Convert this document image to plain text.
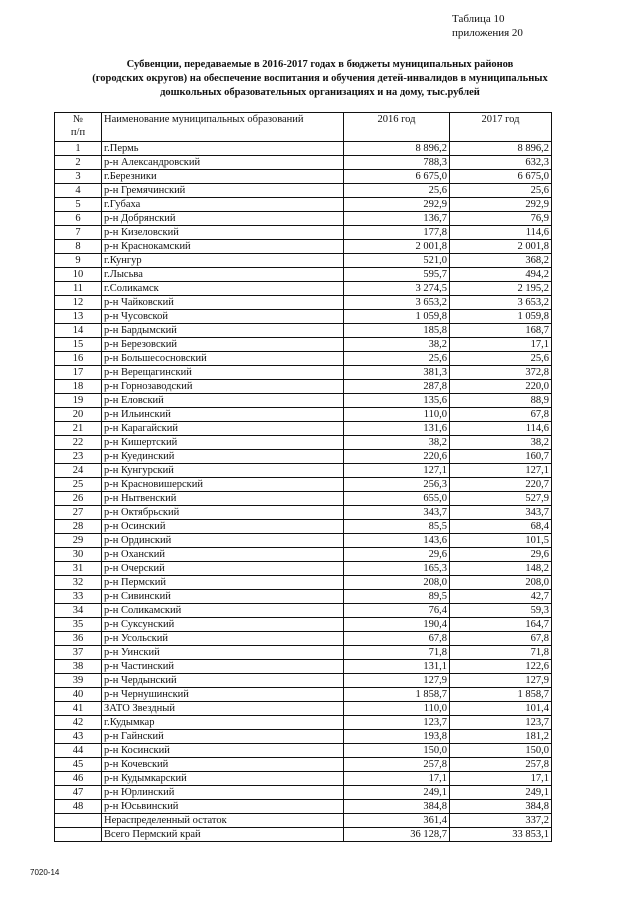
Таблица 10
приложения 20
Субвенции, передаваемые в 2016-2017 годах в бюджеты муниципальных районов
(городских округов) на обеспечение воспитания и обучения детей-инвалидов в муниципальных
дошкольных образовательных организациях и на дому, тыс.рублей
№
п/п	Наименование муниципальных образований	2016 год	2017 год
1	г.Пермь	8 896,2	8 896,2
2	р-н Александровский	788,3	632,3
3	г.Березники	6 675,0	6 675,0
4	р-н Гремячинский	25,6	25,6
5	г.Губаха	292,9	292,9
6	р-н Добрянский	136,7	76,9
7	р-н Кизеловский	177,8	114,6
8	р-н Краснокамский	2 001,8	2 001,8
9	г.Кунгур	521,0	368,2
10	г.Лысьва	595,7	494,2
11	г.Соликамск	3 274,5	2 195,2
12	р-н Чайковский	3 653,2	3 653,2
13	р-н Чусовской	1 059,8	1 059,8
14	р-н Бардымский	185,8	168,7
15	р-н Березовский	38,2	17,1
16	р-н Большесосновский	25,6	25,6
17	р-н Верещагинский	381,3	372,8
18	р-н Горнозаводский	287,8	220,0
19	р-н Еловский	135,6	88,9
20	р-н Ильинский	110,0	67,8
21	р-н Карагайский	131,6	114,6
22	р-н Кишертский	38,2	38,2
23	р-н Куединский	220,6	160,7
24	р-н Кунгурский	127,1	127,1
25	р-н Красновишерский	256,3	220,7
26	р-н Нытвенский	655,0	527,9
27	р-н Октябрьский	343,7	343,7
28	р-н Осинский	85,5	68,4
29	р-н Ординский	143,6	101,5
30	р-н Оханский	29,6	29,6
31	р-н Очерский	165,3	148,2
32	р-н Пермский	208,0	208,0
33	р-н Сивинский	89,5	42,7
34	р-н Соликамский	76,4	59,3
35	р-н Суксунский	190,4	164,7
36	р-н Усольский	67,8	67,8
37	р-н Уинский	71,8	71,8
38	р-н Частинский	131,1	122,6
39	р-н Чердынский	127,9	127,9
40	р-н Чернушинский	1 858,7	1 858,7
41	ЗАТО Звездный	110,0	101,4
42	г.Кудымкар	123,7	123,7
43	р-н Гайнский	193,8	181,2
44	р-н Косинский	150,0	150,0
45	р-н Кочевский	257,8	257,8
46	р-н Кудымкарский	17,1	17,1
47	р-н Юрлинский	249,1	249,1
48	р-н Юсьвинский	384,8	384,8
	Нераспределенный остаток	361,4	337,2
	Всего Пермский край	36 128,7	33 853,1
7020-14
